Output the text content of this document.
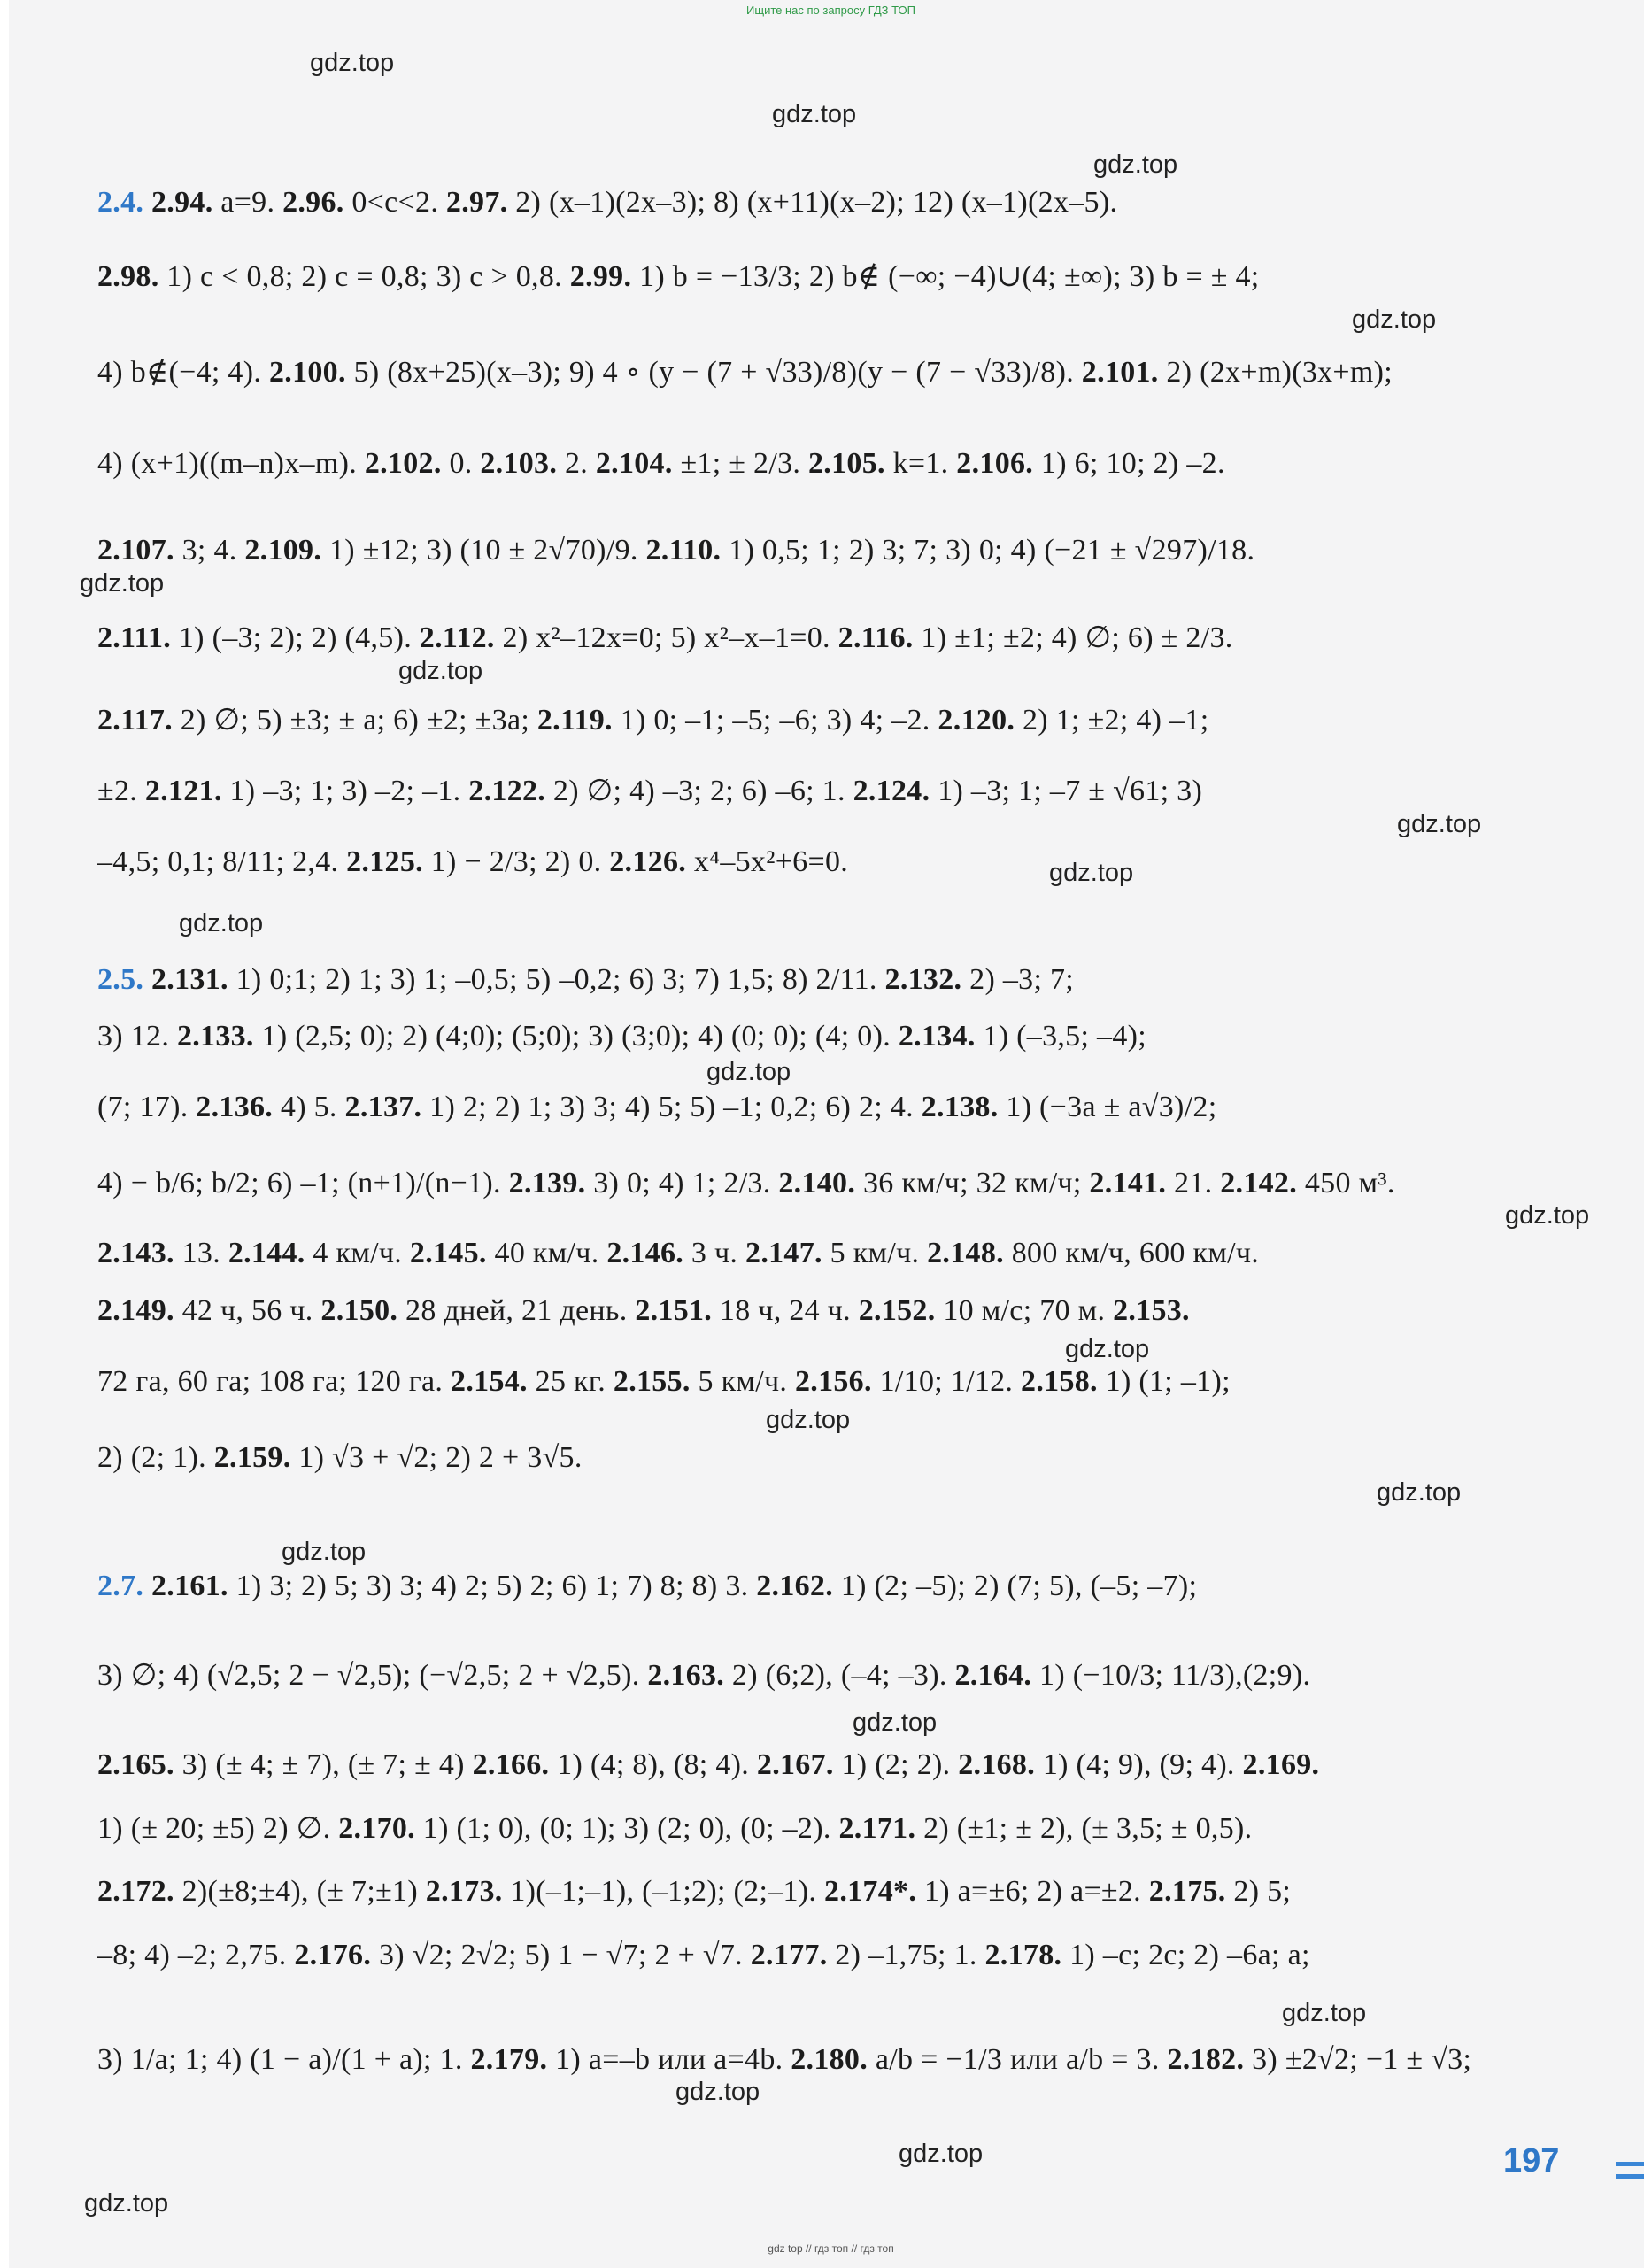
Ищите нас по запросу ГДЗ ТОП
gdz.top
gdz.top
gdz.top
gdz.top
gdz.top
gdz.top
gdz.top
gdz.top
gdz.top
gdz.top
gdz.top
gdz.top
gdz.top
gdz.top
gdz.top
gdz.top
gdz.top
gdz.top
gdz.top
gdz.top
2.4. 2.94. a=9. 2.96. 0<c<2. 2.97. 2) (x–1)(2x–3); 8) (x+11)(x–2); 12) (x–1)(2x–5).
2.98. 1) c < 0,8; 2) c = 0,8; 3) c > 0,8. 2.99. 1) b = −13/3; 2) b∉ (−∞; −4)∪(4; ±∞); 3) b = ± 4;
4) b∉(−4; 4). 2.100. 5) (8x+25)(x–3); 9) 4 ∘ (y − (7 + √33)/8)(y − (7 − √33)/8). 2.101. 2) (2x+m)(3x+m);
4) (x+1)((m–n)x–m). 2.102. 0. 2.103. 2. 2.104. ±1; ± 2/3. 2.105. k=1. 2.106. 1) 6; 10; 2) –2.
2.107. 3; 4. 2.109. 1) ±12; 3) (10 ± 2√70)/9. 2.110. 1) 0,5; 1; 2) 3; 7; 3) 0; 4) (−21 ± √297)/18.
2.111. 1) (–3; 2); 2) (4,5). 2.112. 2) x²–12x=0; 5) x²–x–1=0. 2.116. 1) ±1; ±2; 4) ∅; 6) ± 2/3.
2.117. 2) ∅; 5) ±3; ± a; 6) ±2; ±3a; 2.119. 1) 0; –1; –5; –6; 3) 4; –2. 2.120. 2) 1; ±2; 4) –1;
±2. 2.121. 1) –3; 1; 3) –2; –1. 2.122. 2) ∅; 4) –3; 2; 6) –6; 1. 2.124. 1) –3; 1; –7 ± √61; 3)
–4,5; 0,1; 8/11; 2,4. 2.125. 1) − 2/3; 2) 0. 2.126. x⁴–5x²+6=0.
2.5. 2.131. 1) 0;1; 2) 1; 3) 1; –0,5; 5) –0,2; 6) 3; 7) 1,5; 8) 2/11. 2.132. 2) –3; 7;
3) 12. 2.133. 1) (2,5; 0); 2) (4;0); (5;0); 3) (3;0); 4) (0; 0); (4; 0). 2.134. 1) (–3,5; –4);
(7; 17). 2.136. 4) 5. 2.137. 1) 2; 2) 1; 3) 3; 4) 5; 5) –1; 0,2; 6) 2; 4. 2.138. 1) (−3a ± a√3)/2;
4) − b/6; b/2; 6) –1; (n+1)/(n−1). 2.139. 3) 0; 4) 1; 2/3. 2.140. 36 км/ч; 32 км/ч; 2.141. 21. 2.142. 450 м³.
2.143. 13. 2.144. 4 км/ч. 2.145. 40 км/ч. 2.146. 3 ч. 2.147. 5 км/ч. 2.148. 800 км/ч, 600 км/ч.
2.149. 42 ч, 56 ч. 2.150. 28 дней, 21 день. 2.151. 18 ч, 24 ч. 2.152. 10 м/с; 70 м. 2.153.
72 га, 60 га; 108 га; 120 га. 2.154. 25 кг. 2.155. 5 км/ч. 2.156. 1/10; 1/12. 2.158. 1) (1; –1);
2) (2; 1). 2.159. 1) √3 + √2; 2) 2 + 3√5.
2.7. 2.161. 1) 3; 2) 5; 3) 3; 4) 2; 5) 2; 6) 1; 7) 8; 8) 3. 2.162. 1) (2; –5); 2) (7; 5), (–5; –7);
3) ∅; 4) (√2,5; 2 − √2,5); (−√2,5; 2 + √2,5). 2.163. 2) (6;2), (–4; –3). 2.164. 1) (−10/3; 11/3),(2;9).
2.165. 3) (± 4; ± 7), (± 7; ± 4) 2.166. 1) (4; 8), (8; 4). 2.167. 1) (2; 2). 2.168. 1) (4; 9), (9; 4). 2.169.
1) (± 20; ±5) 2) ∅. 2.170. 1) (1; 0), (0; 1); 3) (2; 0), (0; –2). 2.171. 2) (±1; ± 2), (± 3,5; ± 0,5).
2.172. 2)(±8;±4), (± 7;±1) 2.173. 1)(–1;–1), (–1;2); (2;–1). 2.174*. 1) a=±6; 2) a=±2. 2.175. 2) 5;
–8; 4) –2; 2,75. 2.176. 3) √2; 2√2; 5) 1 − √7; 2 + √7. 2.177. 2) –1,75; 1. 2.178. 1) –c; 2c; 2) –6a; a;
3) 1/a; 1; 4) (1 − a)/(1 + a); 1. 2.179. 1) a=–b или a=4b. 2.180. a/b = −1/3 или a/b = 3. 2.182. 3) ±2√2; −1 ± √3;
197
gdz top // гдз топ // гдз топ
